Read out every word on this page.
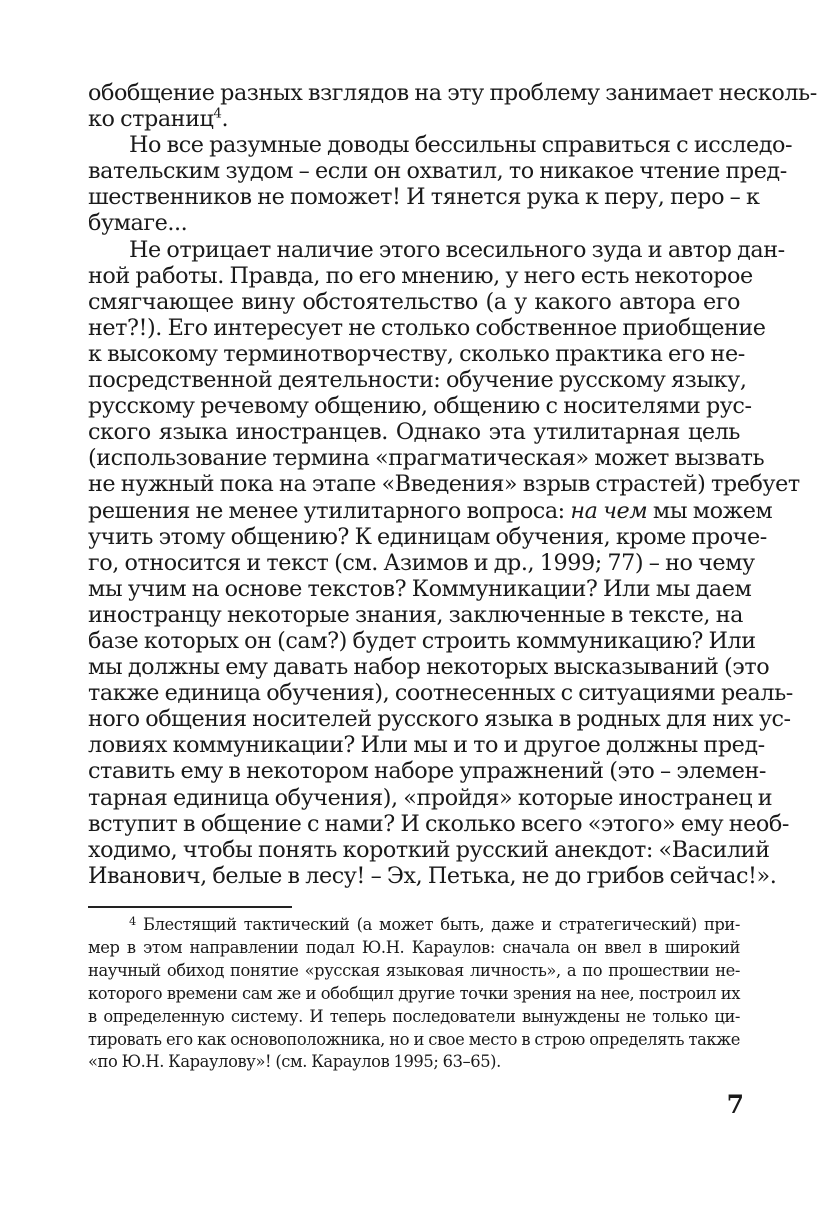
обобщение разных взглядов на эту проблему занимает несколь-
ко страниц$^4$.

Но все разумные доводы бессильны справиться с исследо-
вательским зудом – если он охватил, то никакое чтение пред-
шественников не поможет! И тянется рука к перу, перо – к
бумаге...

Не отрицает наличие этого всесильного зуда и автор дан-
ной работы. Правда, по его мнению, у него есть некоторое
смягчающее вину обстоятельство (а у какого автора его
нет?!). Его интересует не столько собственное приобщение
к высокому терминотворчеству, сколько практика его не-
посредственной деятельности: обучение русскому языку,
русскому речевому общению, общению с носителями рус-
ского языка иностранцев. Однако эта утилитарная цель
(использование термина «прагматическая» может вызвать
не нужный пока на этапе «Введения» взрыв страстей) требует
решения не менее утилитарного вопроса: на чем мы можем
учить этому общению? К единицам обучения, кроме проче-
го, относится и текст (см. Азимов и др., 1999; 77) – но чему
мы учим на основе текстов? Коммуникации? Или мы даем
иностранцу некоторые знания, заключенные в тексте, на
базе которых он (сам?) будет строить коммуникацию? Или
мы должны ему давать набор некоторых высказываний (это
также единица обучения), соотнесенных с ситуациями реаль-
ного общения носителей русского языка в родных для них ус-
ловиях коммуникации? Или мы и то и другое должны пред-
ставить ему в некотором наборе упражнений (это – элемен-
тарная единица обучения), «пройдя» которые иностранец и
вступит в общение с нами? И сколько всего «этого» ему необ-
ходимо, чтобы понять короткий русский анекдот: «Василий
Иванович, белые в лесу! – Эх, Петька, не до грибов сейчас!».

$^4$ Блестящий тактический (а может быть, даже и стратегический) при-
мер в этом направлении подал Ю.Н. Караулов: сначала он ввел в широкий
научный обиход понятие «русская языковая личность», а по прошествии не-
которого времени сам же и обобщил другие точки зрения на нее, построил их
в определенную систему. И теперь последователи вынуждены не только ци-
тировать его как основоположника, но и свое место в строю определять также
«по Ю.Н. Караулову»! (см. Караулов 1995; 63–65).
7
